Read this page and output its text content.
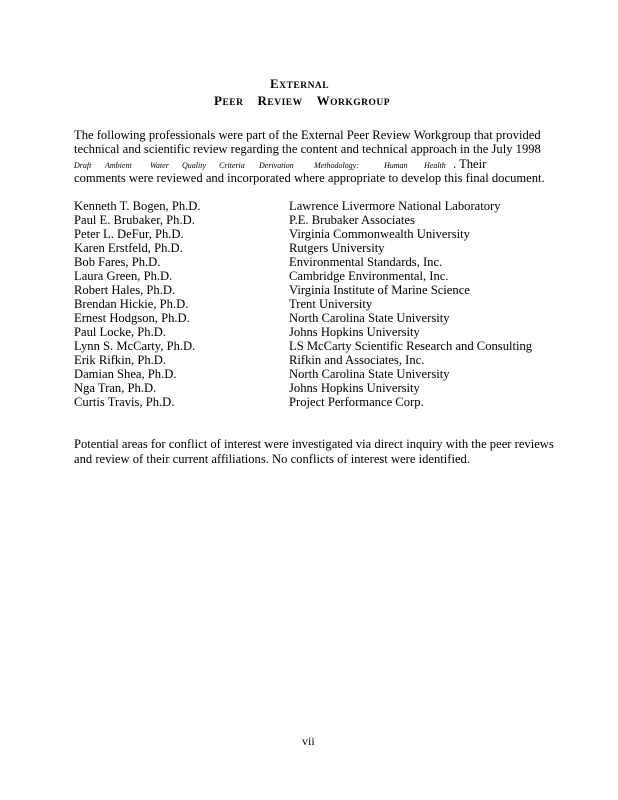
EXTERNAL
PEER REVIEW WORKGROUP
The following professionals were part of the External Peer Review Workgroup that provided
technical and scientific review regarding the content and technical approach in the July 1998
Draft Ambient Water Quality Criteria Derivation	Methodology:	Human Health . Their
comments were reviewed and incorporated where appropriate to develop this final document.
Kenneth T. Bogen, Ph.D.	Lawrence Livermore National Laboratory
Paul E. Brubaker, Ph.D.	P.E. Brubaker Associates
Peter L. DeFur, Ph.D.	Virginia Commonwealth University
Karen Erstfeld, Ph.D.	Rutgers University
Bob Fares, Ph.D.	Environmental Standards, Inc.
Laura Green, Ph.D.	Cambridge Environmental, Inc.
Robert Hales, Ph.D.	Virginia Institute of Marine Science
Brendan Hickie, Ph.D.	Trent University
Ernest Hodgson, Ph.D.	North Carolina State University
Paul Locke, Ph.D.	Johns Hopkins University
Lynn S. McCarty, Ph.D.	LS McCarty Scientific Research and Consulting
Erik Rifkin, Ph.D.	Rifkin and Associates, Inc.
Damian Shea, Ph.D.	North Carolina State University
Nga Tran, Ph.D.	Johns Hopkins University
Curtis Travis, Ph.D.	Project Performance Corp.
Potential areas for conflict of interest were investigated via direct inquiry with the peer reviews
and review of their current affiliations. No conflicts of interest were identified.
vii
